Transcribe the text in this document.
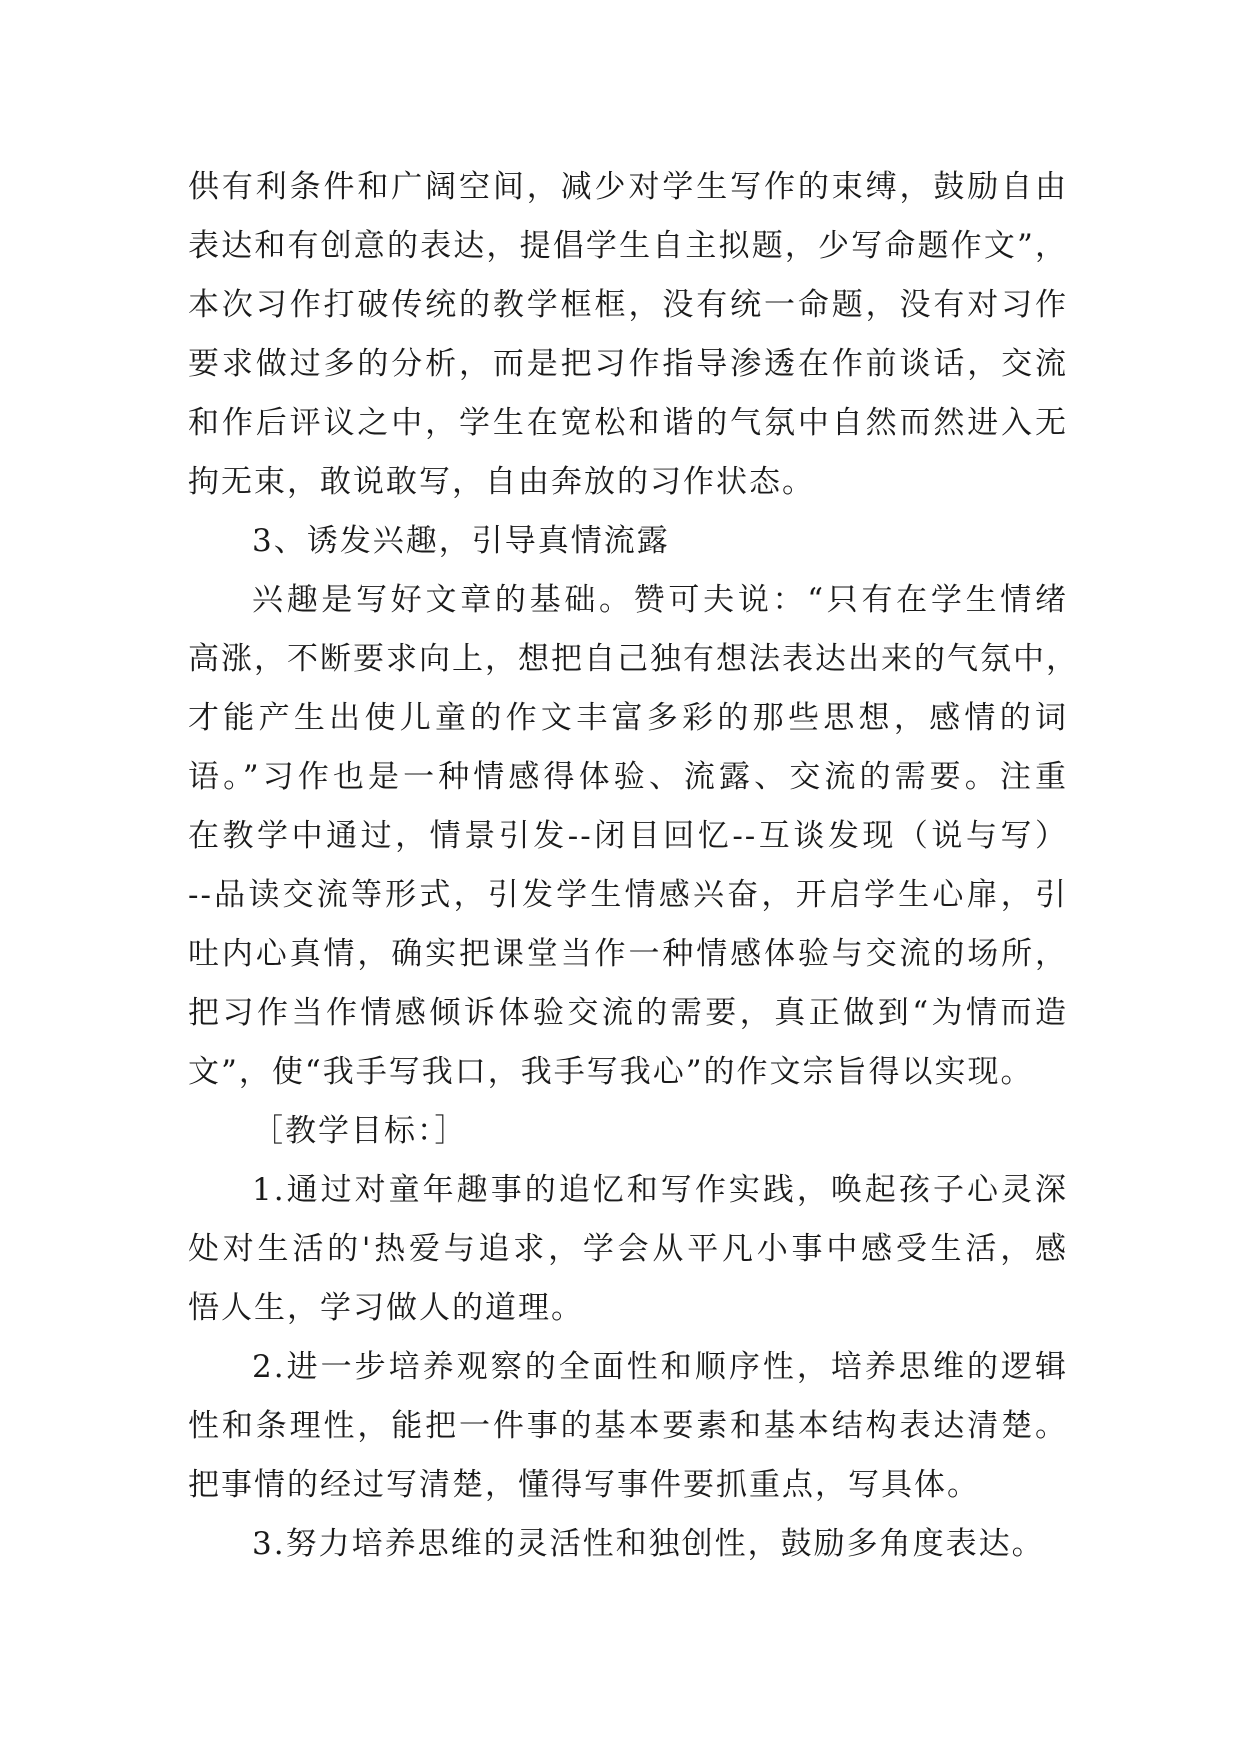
供有利条件和广阔空间，减少对学生写作的束缚，鼓励自由
表达和有创意的表达，提倡学生自主拟题，少写命题作文”，
本次习作打破传统的教学框框，没有统一命题，没有对习作
要求做过多的分析，而是把习作指导渗透在作前谈话，交流
和作后评议之中，学生在宽松和谐的气氛中自然而然进入无
拘无束，敢说敢写，自由奔放的习作状态。
3、诱发兴趣，引导真情流露
兴趣是写好文章的基础。赞可夫说：“只有在学生情绪
高涨，不断要求向上，想把自己独有想法表达出来的气氛中，
才能产生出使儿童的作文丰富多彩的那些思想，感情的词
语。”习作也是一种情感得体验、流露、交流的需要。注重
在教学中通过，情景引发--闭目回忆--互谈发现（说与写）
--品读交流等形式，引发学生情感兴奋，开启学生心扉，引
吐内心真情，确实把课堂当作一种情感体验与交流的场所，
把习作当作情感倾诉体验交流的需要，真正做到“为情而造
文”，使“我手写我口，我手写我心”的作文宗旨得以实现。
［教学目标：］
1.通过对童年趣事的追忆和写作实践，唤起孩子心灵深
处对生活的'热爱与追求，学会从平凡小事中感受生活，感
悟人生，学习做人的道理。
2.进一步培养观察的全面性和顺序性，培养思维的逻辑
性和条理性，能把一件事的基本要素和基本结构表达清楚。
把事情的经过写清楚，懂得写事件要抓重点，写具体。
3.努力培养思维的灵活性和独创性，鼓励多角度表达。
